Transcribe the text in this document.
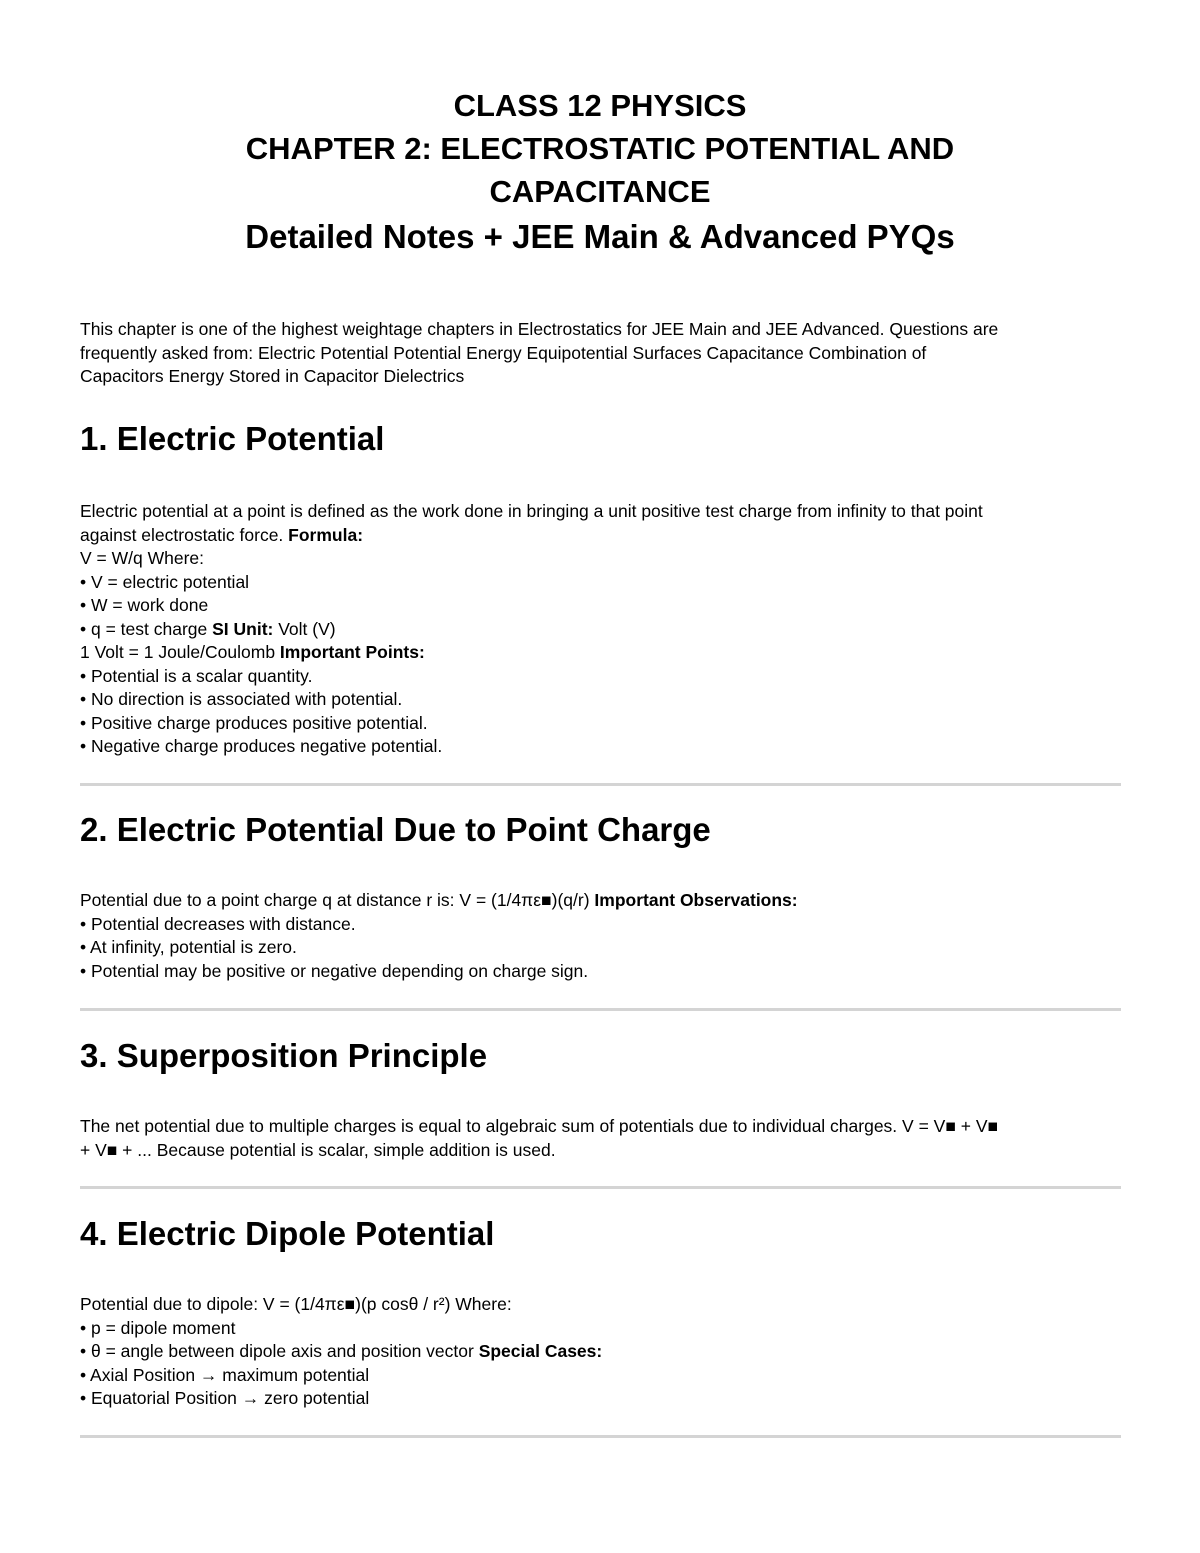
CLASS 12 PHYSICS
CHAPTER 2: ELECTROSTATIC POTENTIAL AND
CAPACITANCE
Detailed Notes + JEE Main & Advanced PYQs
This chapter is one of the highest weightage chapters in Electrostatics for JEE Main and JEE Advanced. Questions are
frequently asked from: Electric Potential Potential Energy Equipotential Surfaces Capacitance Combination of
Capacitors Energy Stored in Capacitor Dielectrics
1. Electric Potential
Electric potential at a point is defined as the work done in bringing a unit positive test charge from infinity to that point
against electrostatic force. Formula:
V = W/q Where:
• V = electric potential
• W = work done
• q = test charge SI Unit: Volt (V)
1 Volt = 1 Joule/Coulomb Important Points:
• Potential is a scalar quantity.
• No direction is associated with potential.
• Positive charge produces positive potential.
• Negative charge produces negative potential.
2. Electric Potential Due to Point Charge
Potential due to a point charge q at distance r is: V = (1/4πε■)(q/r) Important Observations:
• Potential decreases with distance.
• At infinity, potential is zero.
• Potential may be positive or negative depending on charge sign.
3. Superposition Principle
The net potential due to multiple charges is equal to algebraic sum of potentials due to individual charges. V = V■ + V■
+ V■ + ... Because potential is scalar, simple addition is used.
4. Electric Dipole Potential
Potential due to dipole: V = (1/4πε■)(p cosθ / r²) Where:
• p = dipole moment
• θ = angle between dipole axis and position vector Special Cases:
• Axial Position → maximum potential
• Equatorial Position → zero potential
